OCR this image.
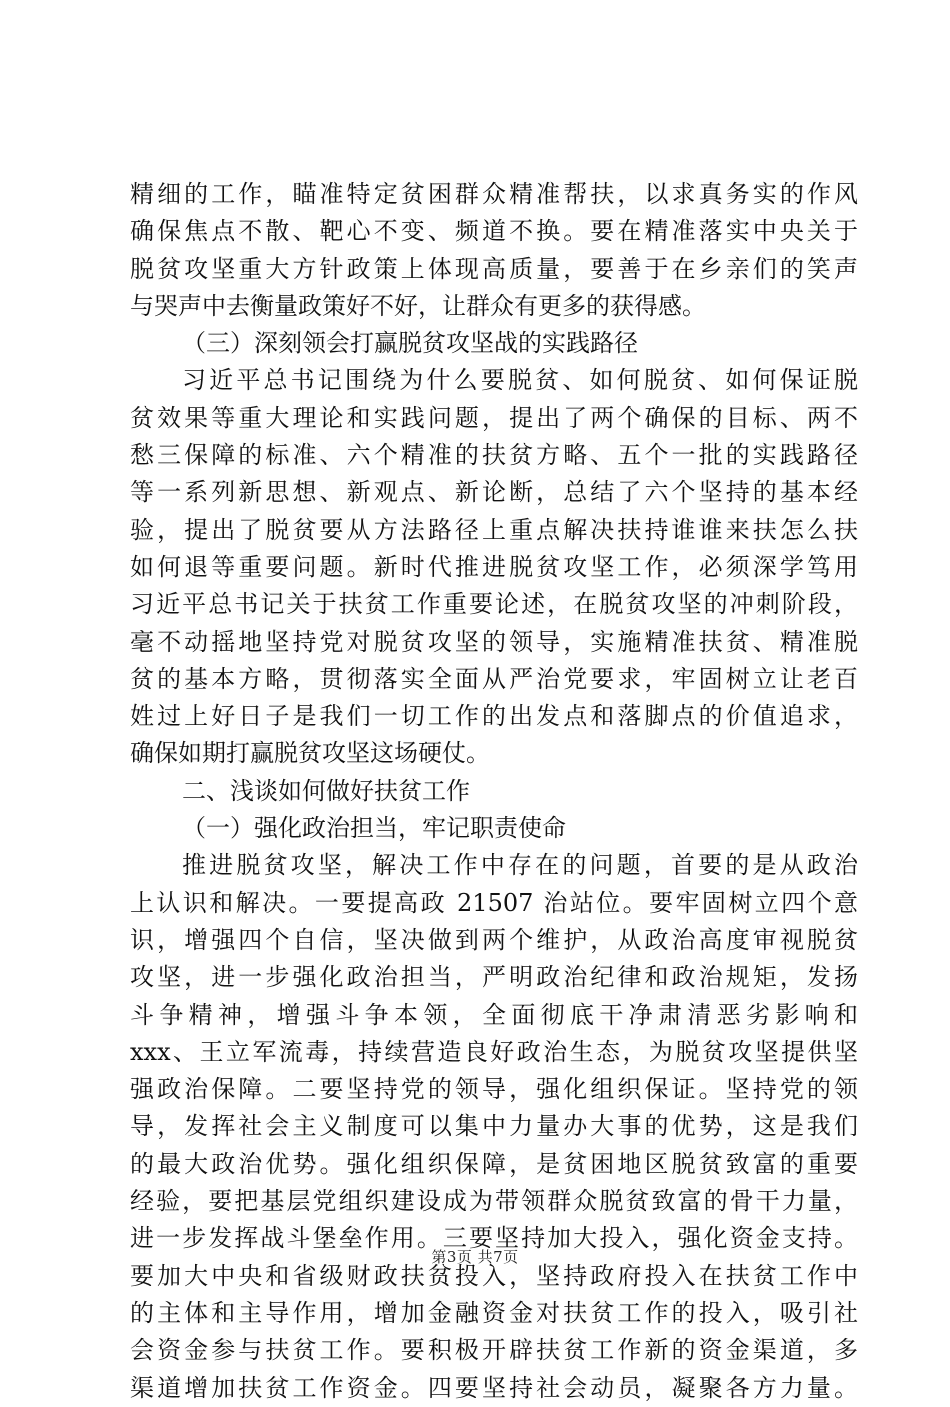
精细的工作，瞄准特定贫困群众精准帮扶，以求真务实的作风
确保焦点不散、靶心不变、频道不换。要在精准落实中央关于
脱贫攻坚重大方针政策上体现高质量，要善于在乡亲们的笑声
与哭声中去衡量政策好不好，让群众有更多的获得感。
（三）深刻领会打赢脱贫攻坚战的实践路径
习近平总书记围绕为什么要脱贫、如何脱贫、如何保证脱
贫效果等重大理论和实践问题，提出了两个确保的目标、两不
愁三保障的标准、六个精准的扶贫方略、五个一批的实践路径
等一系列新思想、新观点、新论断，总结了六个坚持的基本经
验，提出了脱贫要从方法路径上重点解决扶持谁谁来扶怎么扶
如何退等重要问题。新时代推进脱贫攻坚工作，必须深学笃用
习近平总书记关于扶贫工作重要论述，在脱贫攻坚的冲刺阶段，
毫不动摇地坚持党对脱贫攻坚的领导，实施精准扶贫、精准脱
贫的基本方略，贯彻落实全面从严治党要求，牢固树立让老百
姓过上好日子是我们一切工作的出发点和落脚点的价值追求，
确保如期打赢脱贫攻坚这场硬仗。
二、浅谈如何做好扶贫工作
（一）强化政治担当，牢记职责使命
推进脱贫攻坚，解决工作中存在的问题，首要的是从政治
上认识和解决。一要提高政 21507 治站位。要牢固树立四个意
识，增强四个自信，坚决做到两个维护，从政治高度审视脱贫
攻坚，进一步强化政治担当，严明政治纪律和政治规矩，发扬
斗争精神，增强斗争本领，全面彻底干净肃清恶劣影响和
xxx、王立军流毒，持续营造良好政治生态，为脱贫攻坚提供坚
强政治保障。二要坚持党的领导，强化组织保证。坚持党的领
导，发挥社会主义制度可以集中力量办大事的优势，这是我们
的最大政治优势。强化组织保障，是贫困地区脱贫致富的重要
经验，要把基层党组织建设成为带领群众脱贫致富的骨干力量，
进一步发挥战斗堡垒作用。三要坚持加大投入，强化资金支持。
要加大中央和省级财政扶贫投入，坚持政府投入在扶贫工作中
的主体和主导作用，增加金融资金对扶贫工作的投入，吸引社
会资金参与扶贫工作。要积极开辟扶贫工作新的资金渠道，多
渠道增加扶贫工作资金。四要坚持社会动员，凝聚各方力量。
第3页 共7页
